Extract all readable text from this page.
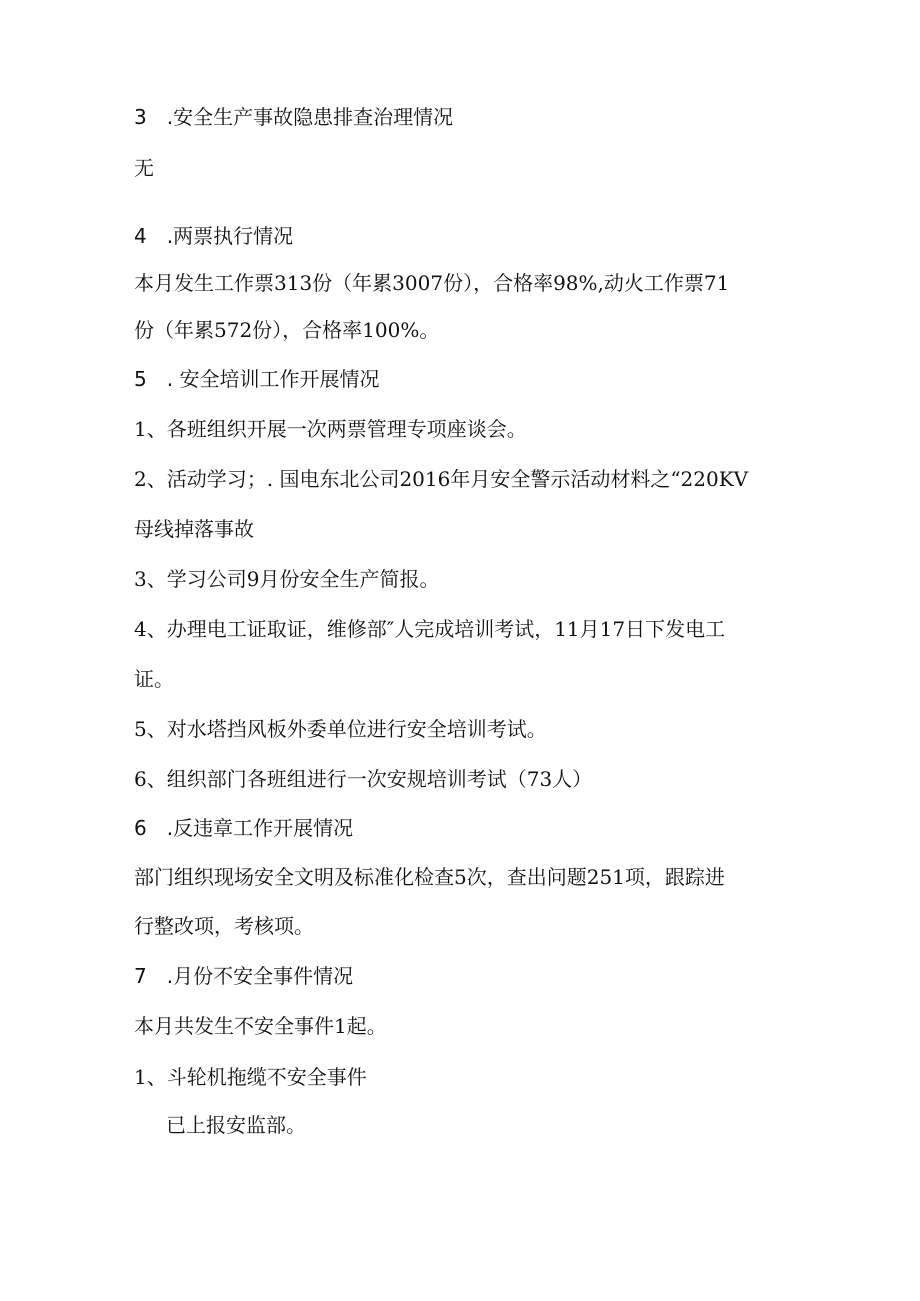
3　.安全生产事故隐患排查治理情况
无
4　.两票执行情况
本月发生工作票313份（年累3007份），合格率98%,动火工作票71
份（年累572份），合格率100%。
5　. 安全培训工作开展情况
1、各班组织开展一次两票管理专项座谈会。
2、活动学习；. 国电东北公司2016年月安全警示活动材料之“220KV
母线掉落事故
3、学习公司9月份安全生产简报。
4、办理电工证取证，维修部″人完成培训考试，11月17日下发电工
证。
5、对水塔挡风板外委单位进行安全培训考试。
6、组织部门各班组进行一次安规培训考试（73人）
6　.反违章工作开展情况
部门组织现场安全文明及标准化检查5次，查出问题251项，跟踪进
行整改项，考核项。
7　.月份不安全事件情况
本月共发生不安全事件1起。
1、斗轮机拖缆不安全事件
已上报安监部。
